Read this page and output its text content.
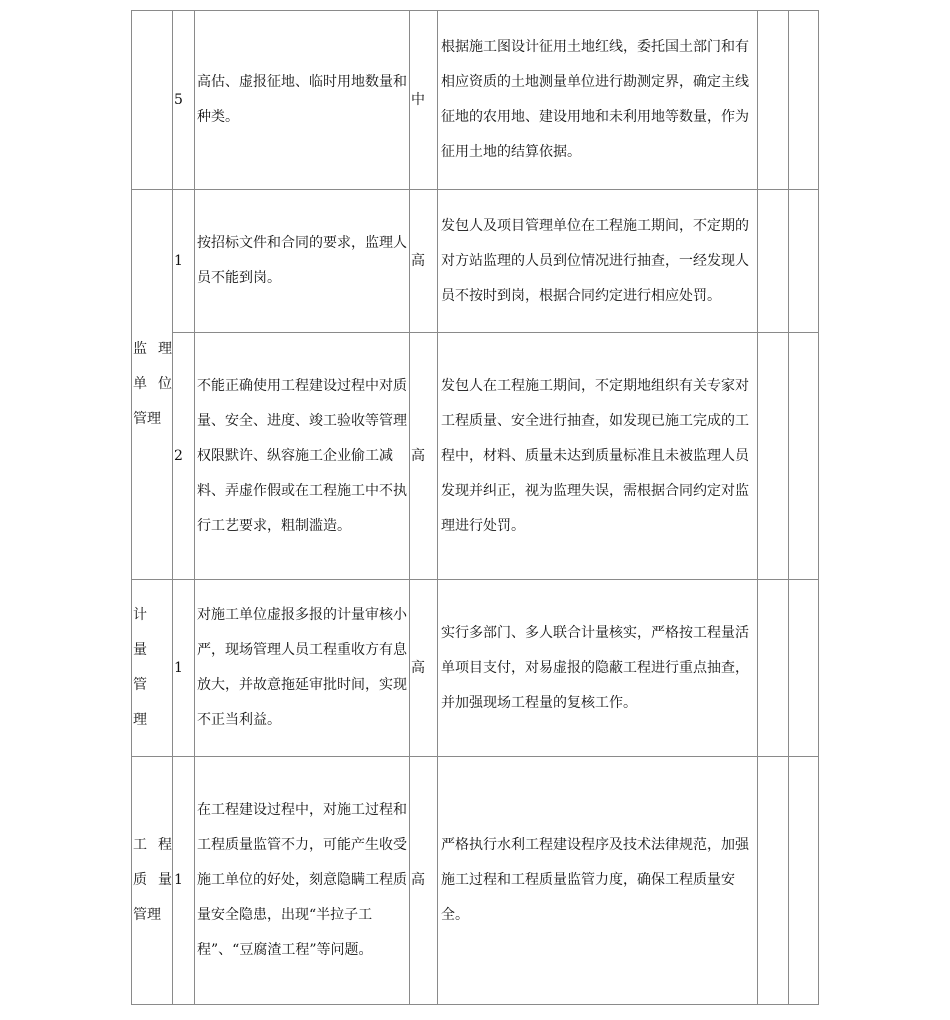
	5	高估、虚报征地、临时用地数量和种类。	中	根据施工图设计征用土地红线，委托国土部门和有相应资质的土地测量单位进行勘测定界，确定主线征地的农用地、建设用地和未利用地等数量，作为征用土地的结算依据。		

监 理
单 位
管理	1	按招标文件和合同的要求，监理人员不能到岗。	高	发包人及项目管理单位在工程施工期间，不定期的对方站监理的人员到位情况进行抽查，一经发现人员不按时到岗，根据合同约定进行相应处罚。		
	2	不能正确使用工程建设过程中对质量、安全、进度、竣工验收等管理权限默许、纵容施工企业偷工减料、弄虚作假或在工程施工中不执行工艺要求，粗制滥造。	高	发包人在工程施工期间，不定期地组织有关专家对工程质量、安全进行抽查，如发现已施工完成的工程中，材料、质量未达到质量标准且未被监理人员发现并纠正，视为监理失误，需根据合同约定对监理进行处罚。		

计
量
管
理	1	对施工单位虚报多报的计量审核小严，现场管理人员工程重收方有息放大，并故意拖延审批时间，实现不正当利益。	高	实行多部门、多人联合计量核实，严格按工程量活单项目支付，对易虚报的隐蔽工程进行重点抽查，并加强现场工程量的复核工作。		

工 程
质 量
管理	1	在工程建设过程中，对施工过程和工程质量监管不力，可能产生收受施工单位的好处，刻意隐瞒工程质量安全隐患，出现“半拉子工程”、“豆腐渣工程”等问题。	高	严格执行水利工程建设程序及技术法律规范，加强施工过程和工程质量监管力度，确保工程质量安全。		
